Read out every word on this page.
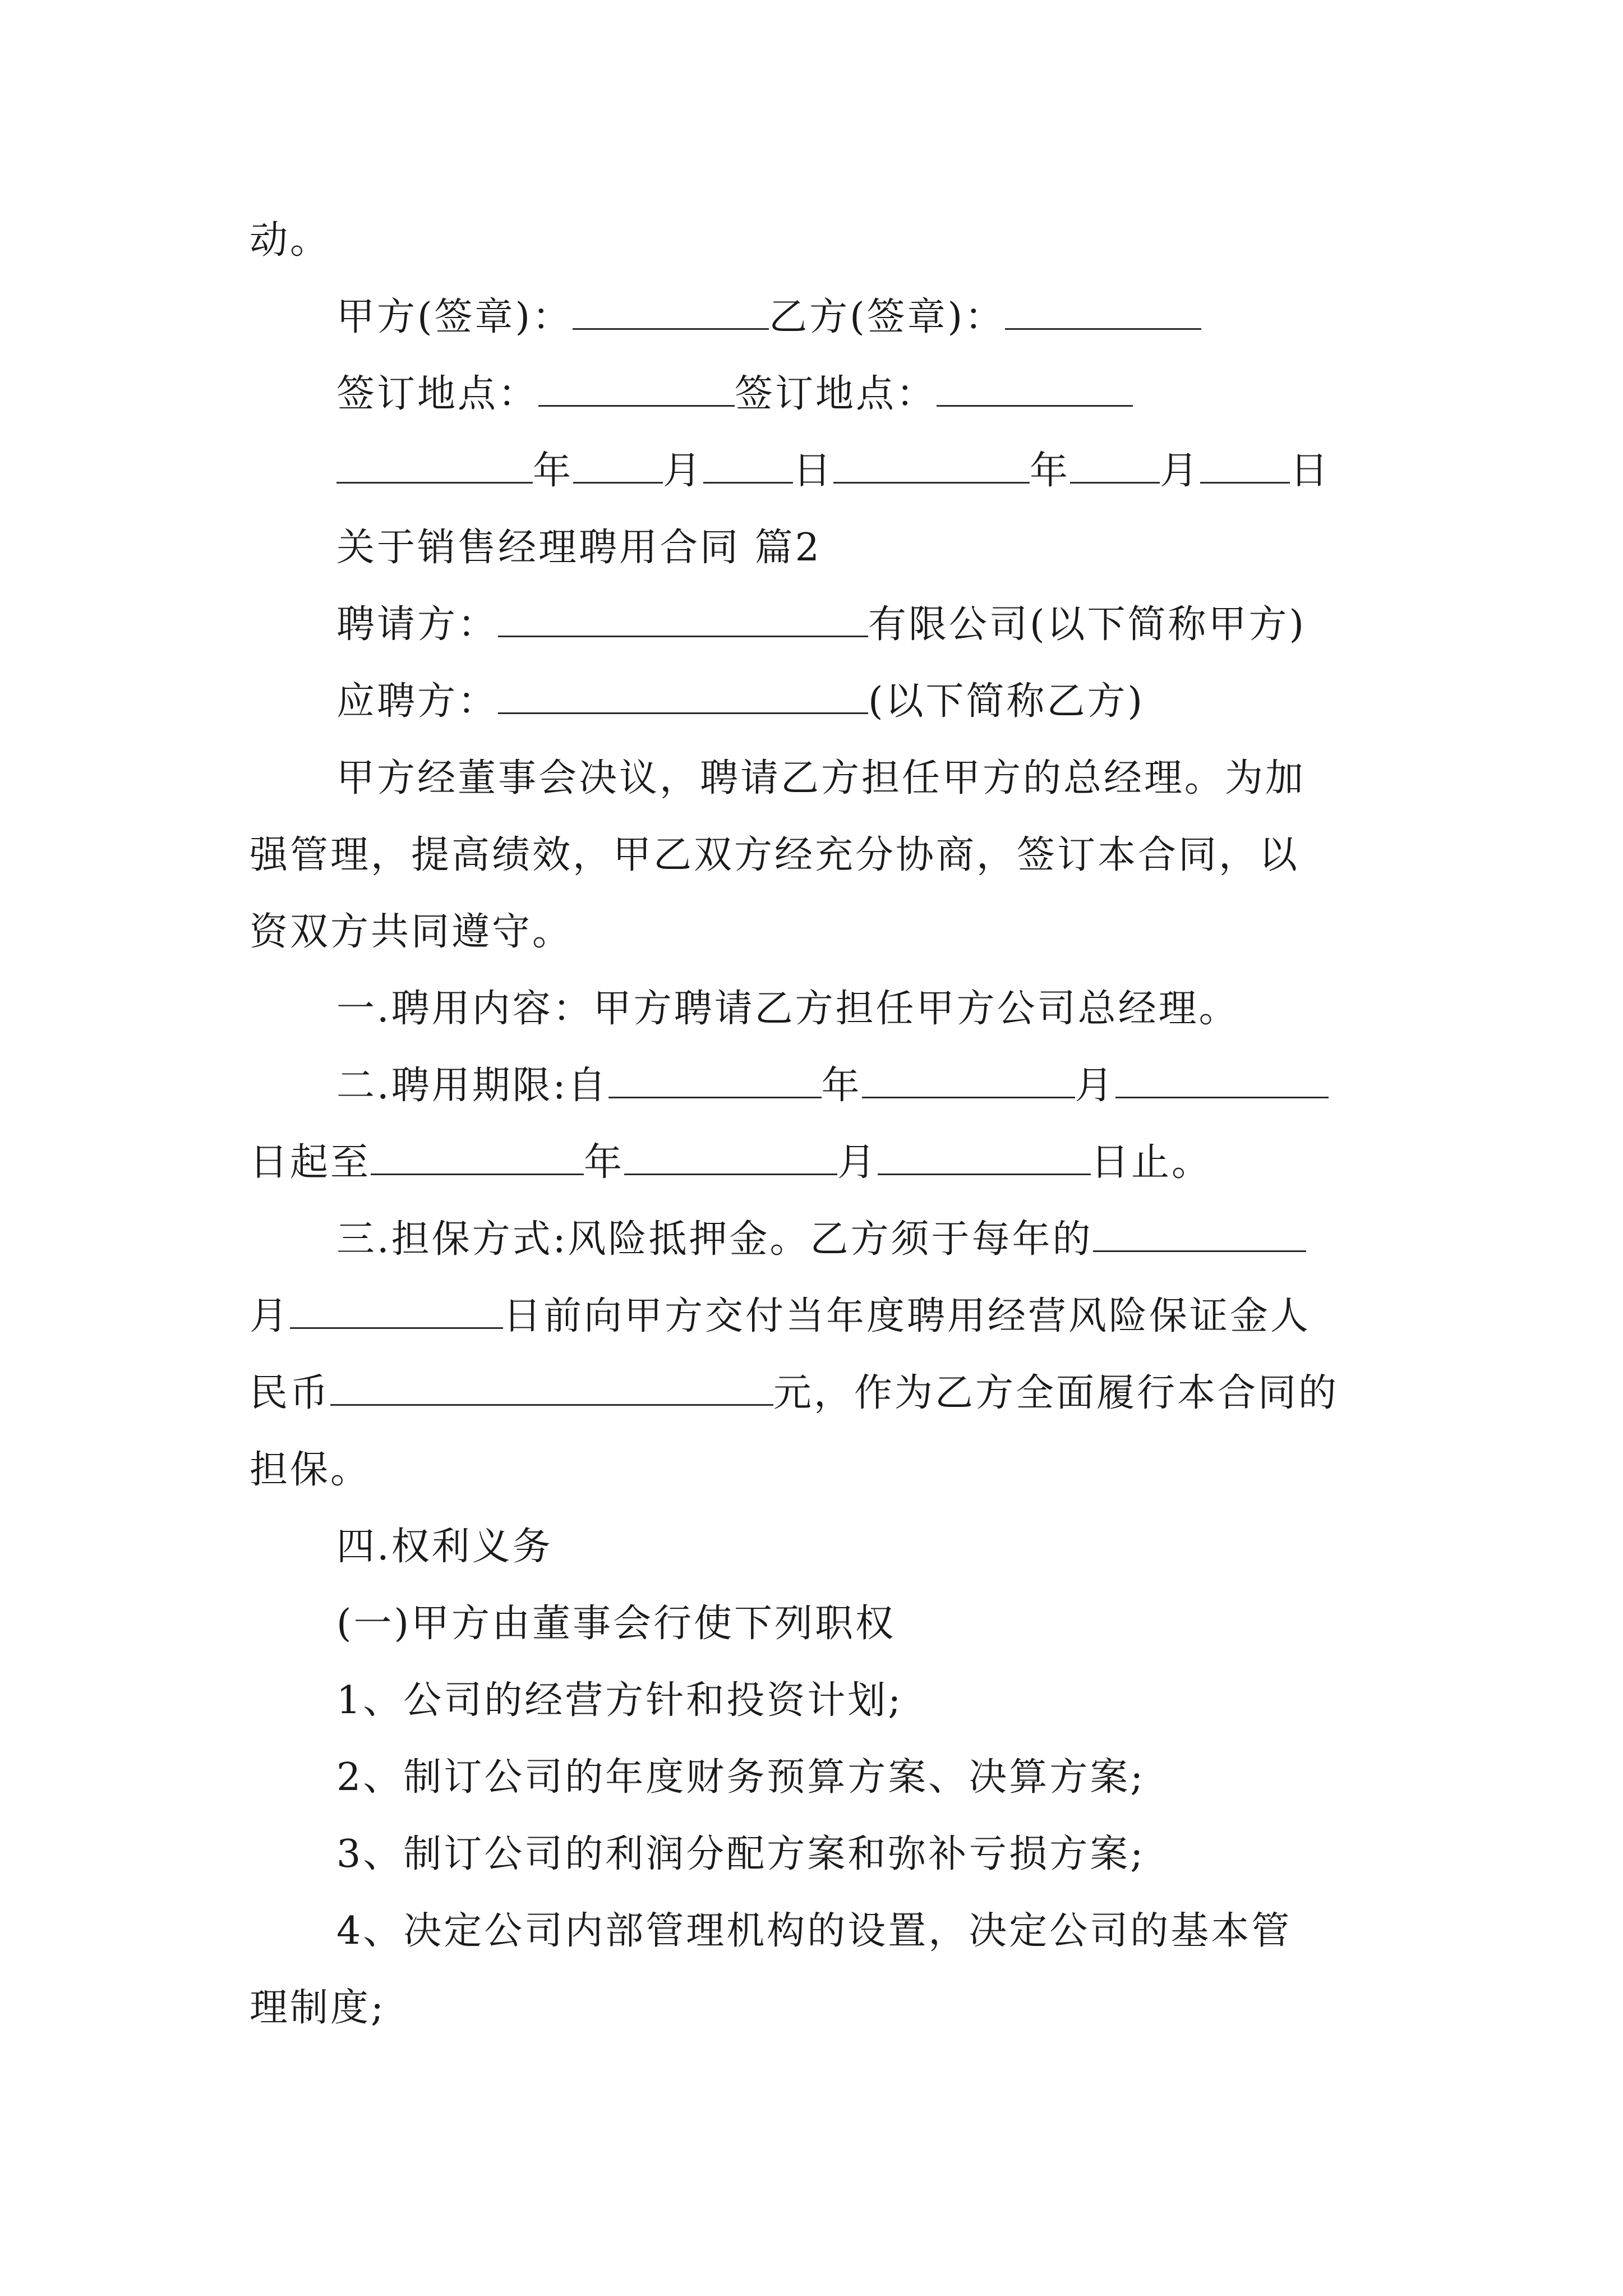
动。
甲方(签章)：	乙方(签章)：
签订地点：	签订地点：
年 月 日	年 月 日
关于销售经理聘用合同 篇2
聘请方：	有限公司(以下简称甲方)
应聘方：	(以下简称乙方)
甲方经董事会决议，聘请乙方担任甲方的总经理。为加
强管理，提高绩效，甲乙双方经充分协商，签订本合同，以
资双方共同遵守。
一.聘用内容：甲方聘请乙方担任甲方公司总经理。
二.聘用期限:自	年	月
日起至	年	月	日止。
三.担保方式:风险抵押金。乙方须于每年的
月	日前向甲方交付当年度聘用经营风险保证金人
民币	元，作为乙方全面履行本合同的
担保。
四.权利义务
(一)甲方由董事会行使下列职权
1、公司的经营方针和投资计划;
2、制订公司的年度财务预算方案、决算方案;
3、制订公司的利润分配方案和弥补亏损方案;
4、决定公司内部管理机构的设置，决定公司的基本管
理制度;
